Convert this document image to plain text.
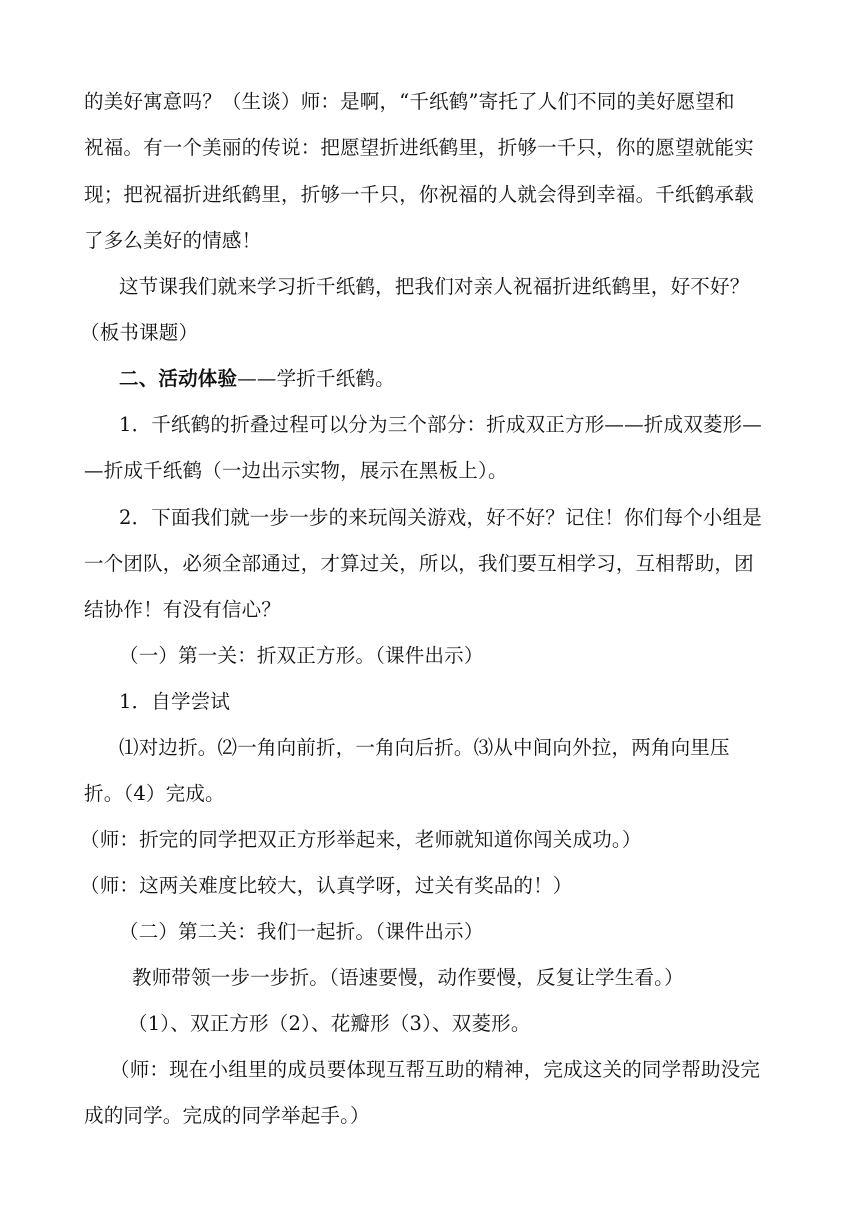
的美好寓意吗？（生谈）师：是啊，“千纸鹤”寄托了人们不同的美好愿望和
祝福。有一个美丽的传说：把愿望折进纸鹤里，折够一千只，你的愿望就能实
现；把祝福折进纸鹤里，折够一千只，你祝福的人就会得到幸福。千纸鹤承载
了多么美好的情感！
这节课我们就来学习折千纸鹤，把我们对亲人祝福折进纸鹤里，好不好？
（板书课题）
二、活动体验——学折千纸鹤。
1．千纸鹤的折叠过程可以分为三个部分：折成双正方形——折成双菱形—
—折成千纸鹤（一边出示实物，展示在黑板上）。
2．下面我们就一步一步的来玩闯关游戏，好不好？记住！你们每个小组是
一个团队，必须全部通过，才算过关，所以，我们要互相学习，互相帮助，团
结协作！有没有信心？
（一）第一关：折双正方形。（课件出示）
1．自学尝试
⑴对边折。⑵一角向前折，一角向后折。⑶从中间向外拉，两角向里压
折。（4）完成。
（师：折完的同学把双正方形举起来，老师就知道你闯关成功。）
（师：这两关难度比较大，认真学呀，过关有奖品的！）
（二）第二关：我们一起折。（课件出示）
教师带领一步一步折。（语速要慢，动作要慢，反复让学生看。）
（1）、双正方形（2）、花瓣形（3）、双菱形。
（师：现在小组里的成员要体现互帮互助的精神，完成这关的同学帮助没完
成的同学。完成的同学举起手。）
